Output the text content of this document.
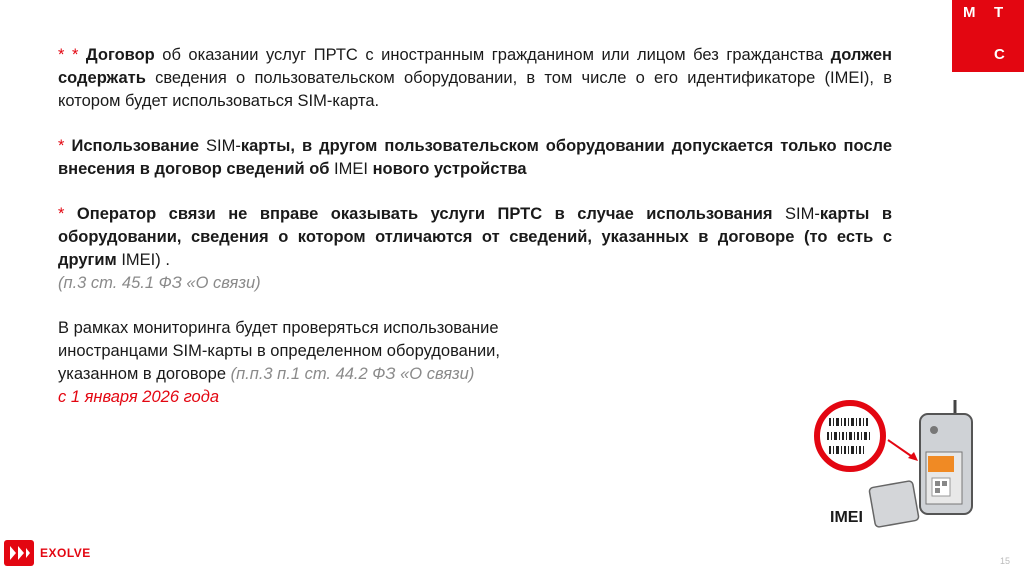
М Т
С

* * Договор об оказании услуг ПРТС с иностранным гражданином или лицом без гражданства должен содержать сведения о пользовательском оборудовании, в том числе о его идентификаторе (IMEI), в котором будет использоваться SIM-карта.

* Использование SIM-карты, в другом пользовательском оборудовании допускается только после внесения в договор сведений об IMEI нового устройства

* Оператор связи не вправе оказывать услуги ПРТС в случае использования SIM-карты в оборудовании, сведения о котором отличаются от сведений, указанных в договоре (то есть с другим IMEI) .
(п.3 ст. 45.1 ФЗ «О связи)

В рамках мониторинга будет проверяться использование иностранцами SIM-карты в определенном оборудовании, указанном в договоре (п.п.3 п.1 ст. 44.2 ФЗ «О связи)
с 1 января 2026 года

IMEI
EXOLVE
15
